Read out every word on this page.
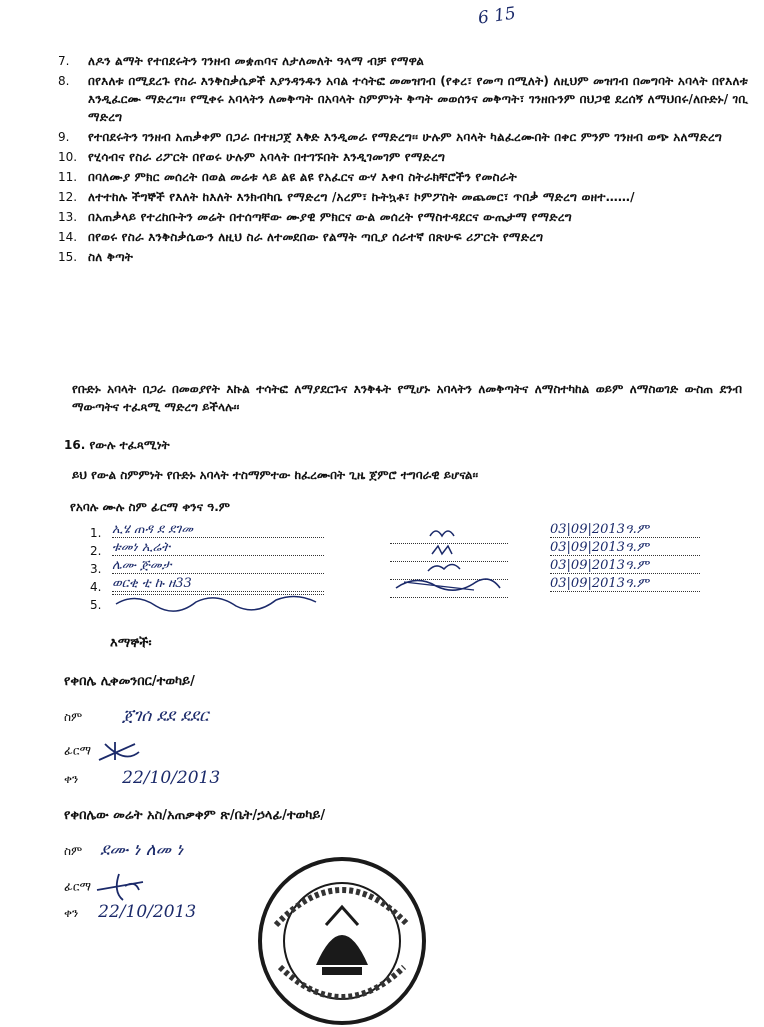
6 15
7.	ለዶን ልማት የተበደሩትን ገንዘብ መቋጠባና ለታለመለት ዓላማ ብቻ የማዋል
8.	በየእለቱ በሚደረጉ የስራ እንቅስቃሴዎች እያንዳንዱን አባል ተሳትፎ መመዝገብ (የቀረ፣ የመጣ በሚለት) ለዚህም መዝገብ በመግባት አባላት በየእለቱ እንዲፈርሙ ማድረግ፡፡ የሚቀሩ አባላትን ለመቅጣት በአባላት ስምምነት ቅጣት መወሰንና መቅጣት፣ ገንዘቡንም በህጋዊ ደረሰኝ ለማህበሩ/ለቡድኑ/ ገቢ ማድረግ
9.	የተበደሩትን ገንዘብ አጠቃቀም በጋራ በተዘጋጀ እቅድ እንዲመራ የማድረግ፡፡ ሁሉም አባላት ካልፈረሙበት በቀር ምንም ገንዘብ ወጭ አለማድረግ
10. የሂሳብና የስራ ሪፖርት በየወሩ ሁሉም አባላት በተገኙበት እንዲገመገም የማድረግ
11. በባለሙያ ምክር መሰረት በወል መሬቱ ላይ ልዩ ልዩ የአፈርና ውሃ እቀባ ስትራክቸሮችን የመስራት
12. ለተተከሉ ችግኞች የእለት ከእለት እንክብካቤ የማድረግ /አረም፣ ኩትኳቶ፣ ኮምፖስት መጨመር፣ ጥበቃ ማድረግ ወዘተ……/
13. በአጠቃላይ የተረከቡትን መሬት በተሰጣቸው ሙያዊ ምክርና ውል መሰረት የማስተዳደርና ውጤታማ የማድረግ
14. በየወሩ የስራ እንቅስቃሴውን ለዚህ ስራ ለተመደበው የልማት ጣቢያ ሰራተኛ በጽሁፍ ሪፖርት የማድረግ
15. ስለ ቅጣት
የቡድኑ አባላት በጋራ በመወያየት እኩል ተሳትፎ ለማያደርጉና እንቅፋት የሚሆኑ አባላትን ለመቅጣትና ለማስተካከል ወይም ለማስወገድ ውስጠ ደንብ ማውጣትና ተፈጻሚ ማድረግ ይችላሉ፡፡
16. የውሉ ተፈጻሚነት
ይህ የውል ስምምነት የቡድኑ አባላት ተስማምተው ከፈረሙበት ጊዜ ጀምሮ ተግባራዊ ይሆናል፡፡
የአባሉ ሙሉ ስም ፊርማ ቀንና ዓ.ም
1. ኢሄ ጠዳ ደ ደገመ	03|09|2013ዓ.ም
2. ቱመነ ኢሬት	03|09|2013ዓ.ም
3. ሌሙ ጅመታ	03|09|2013ዓ.ም
4. ወርቂ ቲ ኩ ዘ33	03|09|2013ዓ.ም
5.
እማኞች፡
የቀበሌ ሊቀመንበር/ተወካይ/
ስም ጀገሰ ደደ ደደር
ፊርማ
ቀን	22/10/2013
የቀበሌው መሬት አስ/አጠቃቀም ጽ/ቤት/ኃላፊ/ተወካይ/
ስም ደሙ ነ ለመ ነ
ፊርማ
ቀን 22/10/2013
